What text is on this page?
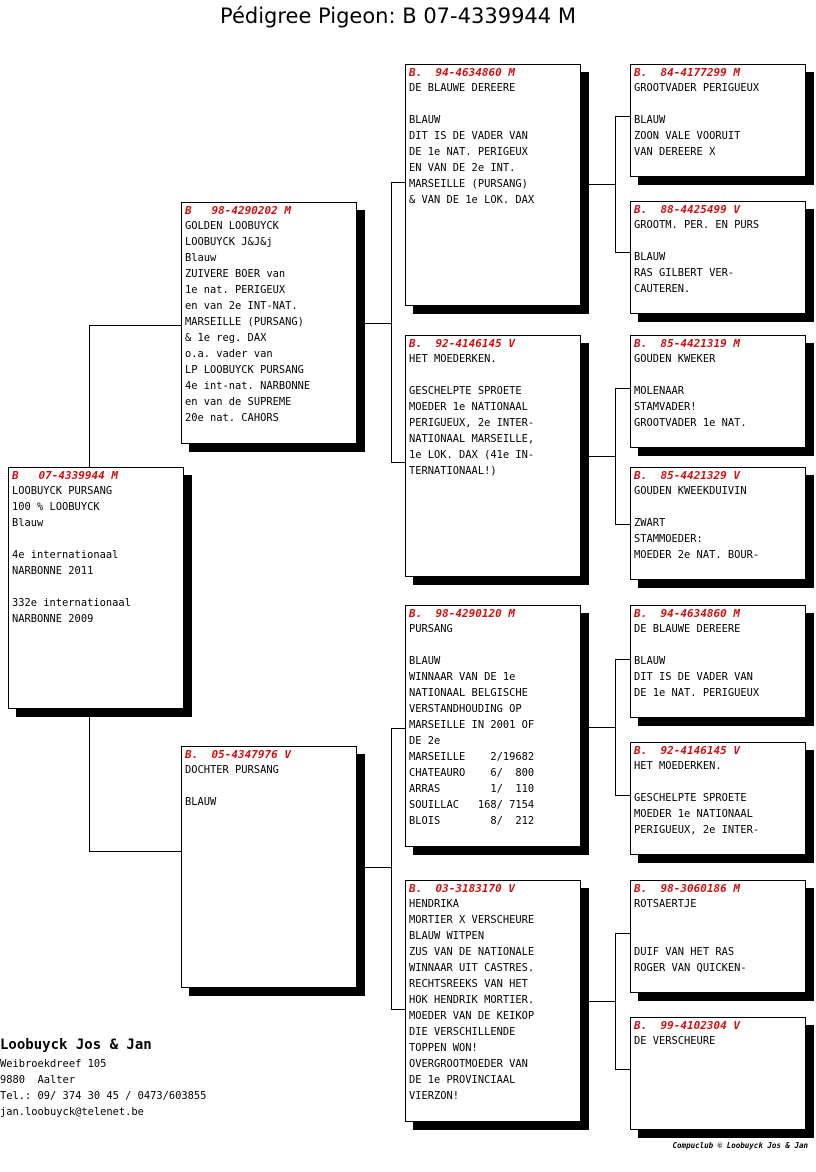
Pédigree Pigeon: B 07-4339944 M
B   07-4339944 M
LOOBUYCK PURSANG
100 % LOOBUYCK
Blauw
4e internationaal
NARBONNE 2011
332e internationaal
NARBONNE 2009
B   98-4290202 M
GOLDEN LOOBUYCK
LOOBUYCK J&J&j
Blauw
ZUIVERE BOER van
1e nat. PERIGEUX
en van 2e INT-NAT.
MARSEILLE (PURSANG)
& 1e reg. DAX
o.a. vader van
LP LOOBUYCK PURSANG
4e int-nat. NARBONNE
en van de SUPREME
20e nat. CAHORS
B.  05-4347976 V
DOCHTER PURSANG
BLAUW
B.  94-4634860 M
DE BLAUWE DEREERE
BLAUW
DIT IS DE VADER VAN
DE 1e NAT. PERIGEUX
EN VAN DE 2e INT.
MARSEILLE (PURSANG)
& VAN DE 1e LOK. DAX
B.  92-4146145 V
HET MOEDERKEN.
GESCHELPTE SPROETE
MOEDER 1e NATIONAAL
PERIGUEUX, 2e INTER-
NATIONAAL MARSEILLE,
1e LOK. DAX (41e IN-
TERNATIONAAL!)
B.  98-4290120 M
PURSANG
BLAUW
WINNAAR VAN DE 1e
NATIONAAL BELGISCHE
VERSTANDHOUDING OP
MARSEILLE IN 2001 OF
DE 2e
MARSEILLE    2/19682
CHATEAURO    6/  800
ARRAS        1/  110
SOUILLAC   168/ 7154
BLOIS        8/  212
B.  03-3183170 V
HENDRIKA
MORTIER X VERSCHEURE
BLAUW WITPEN
ZUS VAN DE NATIONALE
WINNAAR UIT CASTRES.
RECHTSREEKS VAN HET
HOK HENDRIK MORTIER.
MOEDER VAN DE KEIKOP
DIE VERSCHILLENDE
TOPPEN WON!
OVERGROOTMOEDER VAN
DE 1e PROVINCIAAL
VIERZON!
B.  84-4177299 M
GROOTVADER PERIGUEUX
BLAUW
ZOON VALE VOORUIT
VAN DEREERE X
B.  88-4425499 V
GROOTM. PER. EN PURS
BLAUW
RAS GILBERT VER-
CAUTEREN.
B.  85-4421319 M
GOUDEN KWEKER
MOLENAAR
STAMVADER!
GROOTVADER 1e NAT.
B.  85-4421329 V
GOUDEN KWEEKDUIVIN
ZWART
STAMMOEDER:
MOEDER 2e NAT. BOUR-
B.  94-4634860 M
DE BLAUWE DEREERE
BLAUW
DIT IS DE VADER VAN
DE 1e NAT. PERIGUEUX
B.  92-4146145 V
HET MOEDERKEN.
GESCHELPTE SPROETE
MOEDER 1e NATIONAAL
PERIGUEUX, 2e INTER-
B.  98-3060186 M
ROTSAERTJE
DUIF VAN HET RAS
ROGER VAN QUICKEN-
B.  99-4102304 V
DE VERSCHEURE
Loobuyck Jos & Jan
Weibroekdreef 105
9880  Aalter
Tel.: 09/ 374 30 45 / 0473/603855
jan.loobuyck@telenet.be
Compuclub © Loobuyck Jos & Jan
